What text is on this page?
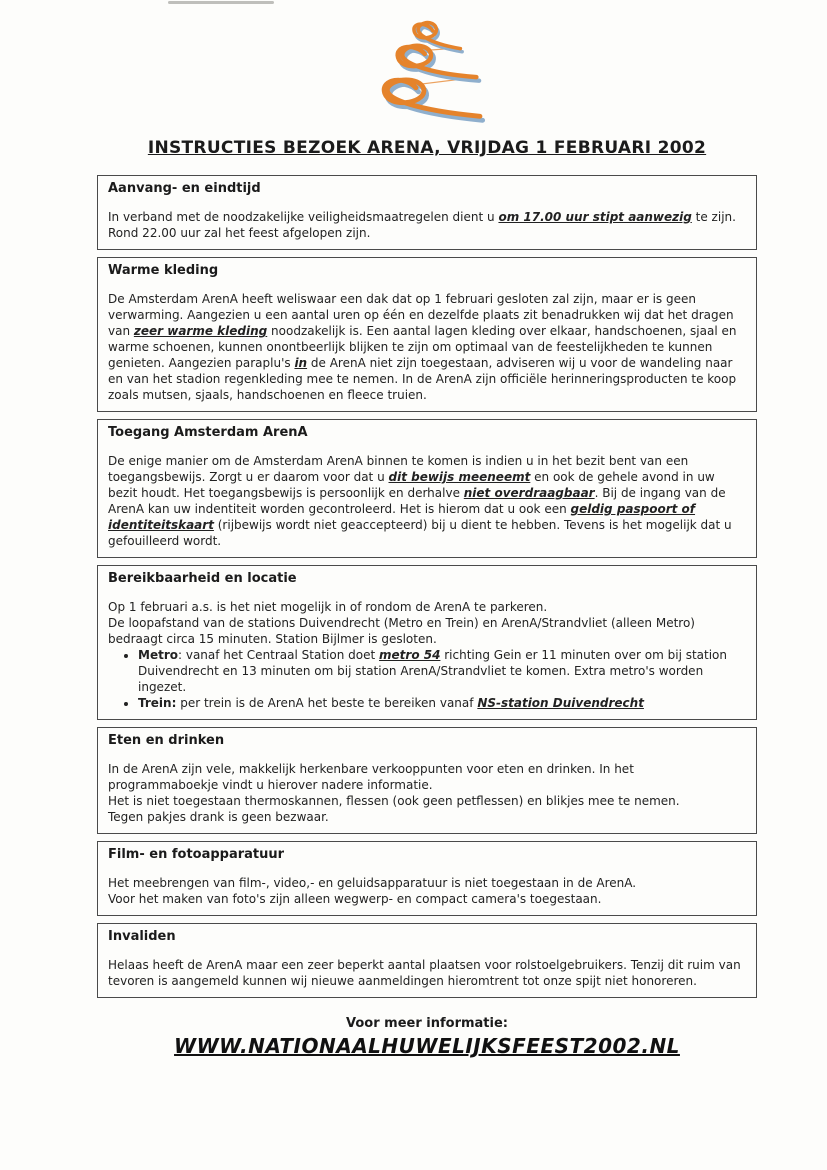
INSTRUCTIES BEZOEK ARENA, VRIJDAG 1 FEBRUARI 2002
Aanvang- en eindtijd

In verband met de noodzakelijke veiligheidsmaatregelen dient u om 17.00 uur stipt aanwezig te zijn. Rond 22.00 uur zal het feest afgelopen zijn.

Warme kleding

De Amsterdam ArenA heeft weliswaar een dak dat op 1 februari gesloten zal zijn, maar er is geen verwarming. Aangezien u een aantal uren op één en dezelfde plaats zit benadrukken wij dat het dragen van zeer warme kleding noodzakelijk is. Een aantal lagen kleding over elkaar, handschoenen, sjaal en warme schoenen, kunnen onontbeerlijk blijken te zijn om optimaal van de feestelijkheden te kunnen genieten. Aangezien paraplu's in de ArenA niet zijn toegestaan, adviseren wij u voor de wandeling naar en van het stadion regenkleding mee te nemen. In de ArenA zijn officiële herinneringsproducten te koop zoals mutsen, sjaals, handschoenen en fleece truien.

Toegang Amsterdam ArenA

De enige manier om de Amsterdam ArenA binnen te komen is indien u in het bezit bent van een toegangsbewijs. Zorgt u er daarom voor dat u dit bewijs meeneemt en ook de gehele avond in uw bezit houdt. Het toegangsbewijs is persoonlijk en derhalve niet overdraagbaar. Bij de ingang van de ArenA kan uw indentiteit worden gecontroleerd. Het is hierom dat u ook een geldig paspoort of identiteitskaart (rijbewijs wordt niet geaccepteerd) bij u dient te hebben. Tevens is het mogelijk dat u gefouilleerd wordt.

Bereikbaarheid en locatie

Op 1 februari a.s. is het niet mogelijk in of rondom de ArenA te parkeren.

De loopafstand van de stations Duivendrecht (Metro en Trein) en ArenA/Strandvliet (alleen Metro) bedraagt circa 15 minuten. Station Bijlmer is gesloten.

• Metro: vanaf het Centraal Station doet metro 54 richting Gein er 11 minuten over om bij station Duivendrecht en 13 minuten om bij station ArenA/Strandvliet te komen. Extra metro's worden ingezet.
• Trein: per trein is de ArenA het beste te bereiken vanaf NS-station Duivendrecht
Eten en drinken

In de ArenA zijn vele, makkelijk herkenbare verkooppunten voor eten en drinken. In het programmaboekje vindt u hierover nadere informatie.

Het is niet toegestaan thermoskannen, flessen (ook geen petflessen) en blikjes mee te nemen.

Tegen pakjes drank is geen bezwaar.

Film- en fotoapparatuur

Het meebrengen van film-, video,- en geluidsapparatuur is niet toegestaan in de ArenA.

Voor het maken van foto's zijn alleen wegwerp- en compact camera's toegestaan.

Invaliden

Helaas heeft de ArenA maar een zeer beperkt aantal plaatsen voor rolstoelgebruikers. Tenzij dit ruim van tevoren is aangemeld kunnen wij nieuwe aanmeldingen hieromtrent tot onze spijt niet honoreren.

Voor meer informatie:
WWW.NATIONAALHUWELIJKSFEEST2002.NL
